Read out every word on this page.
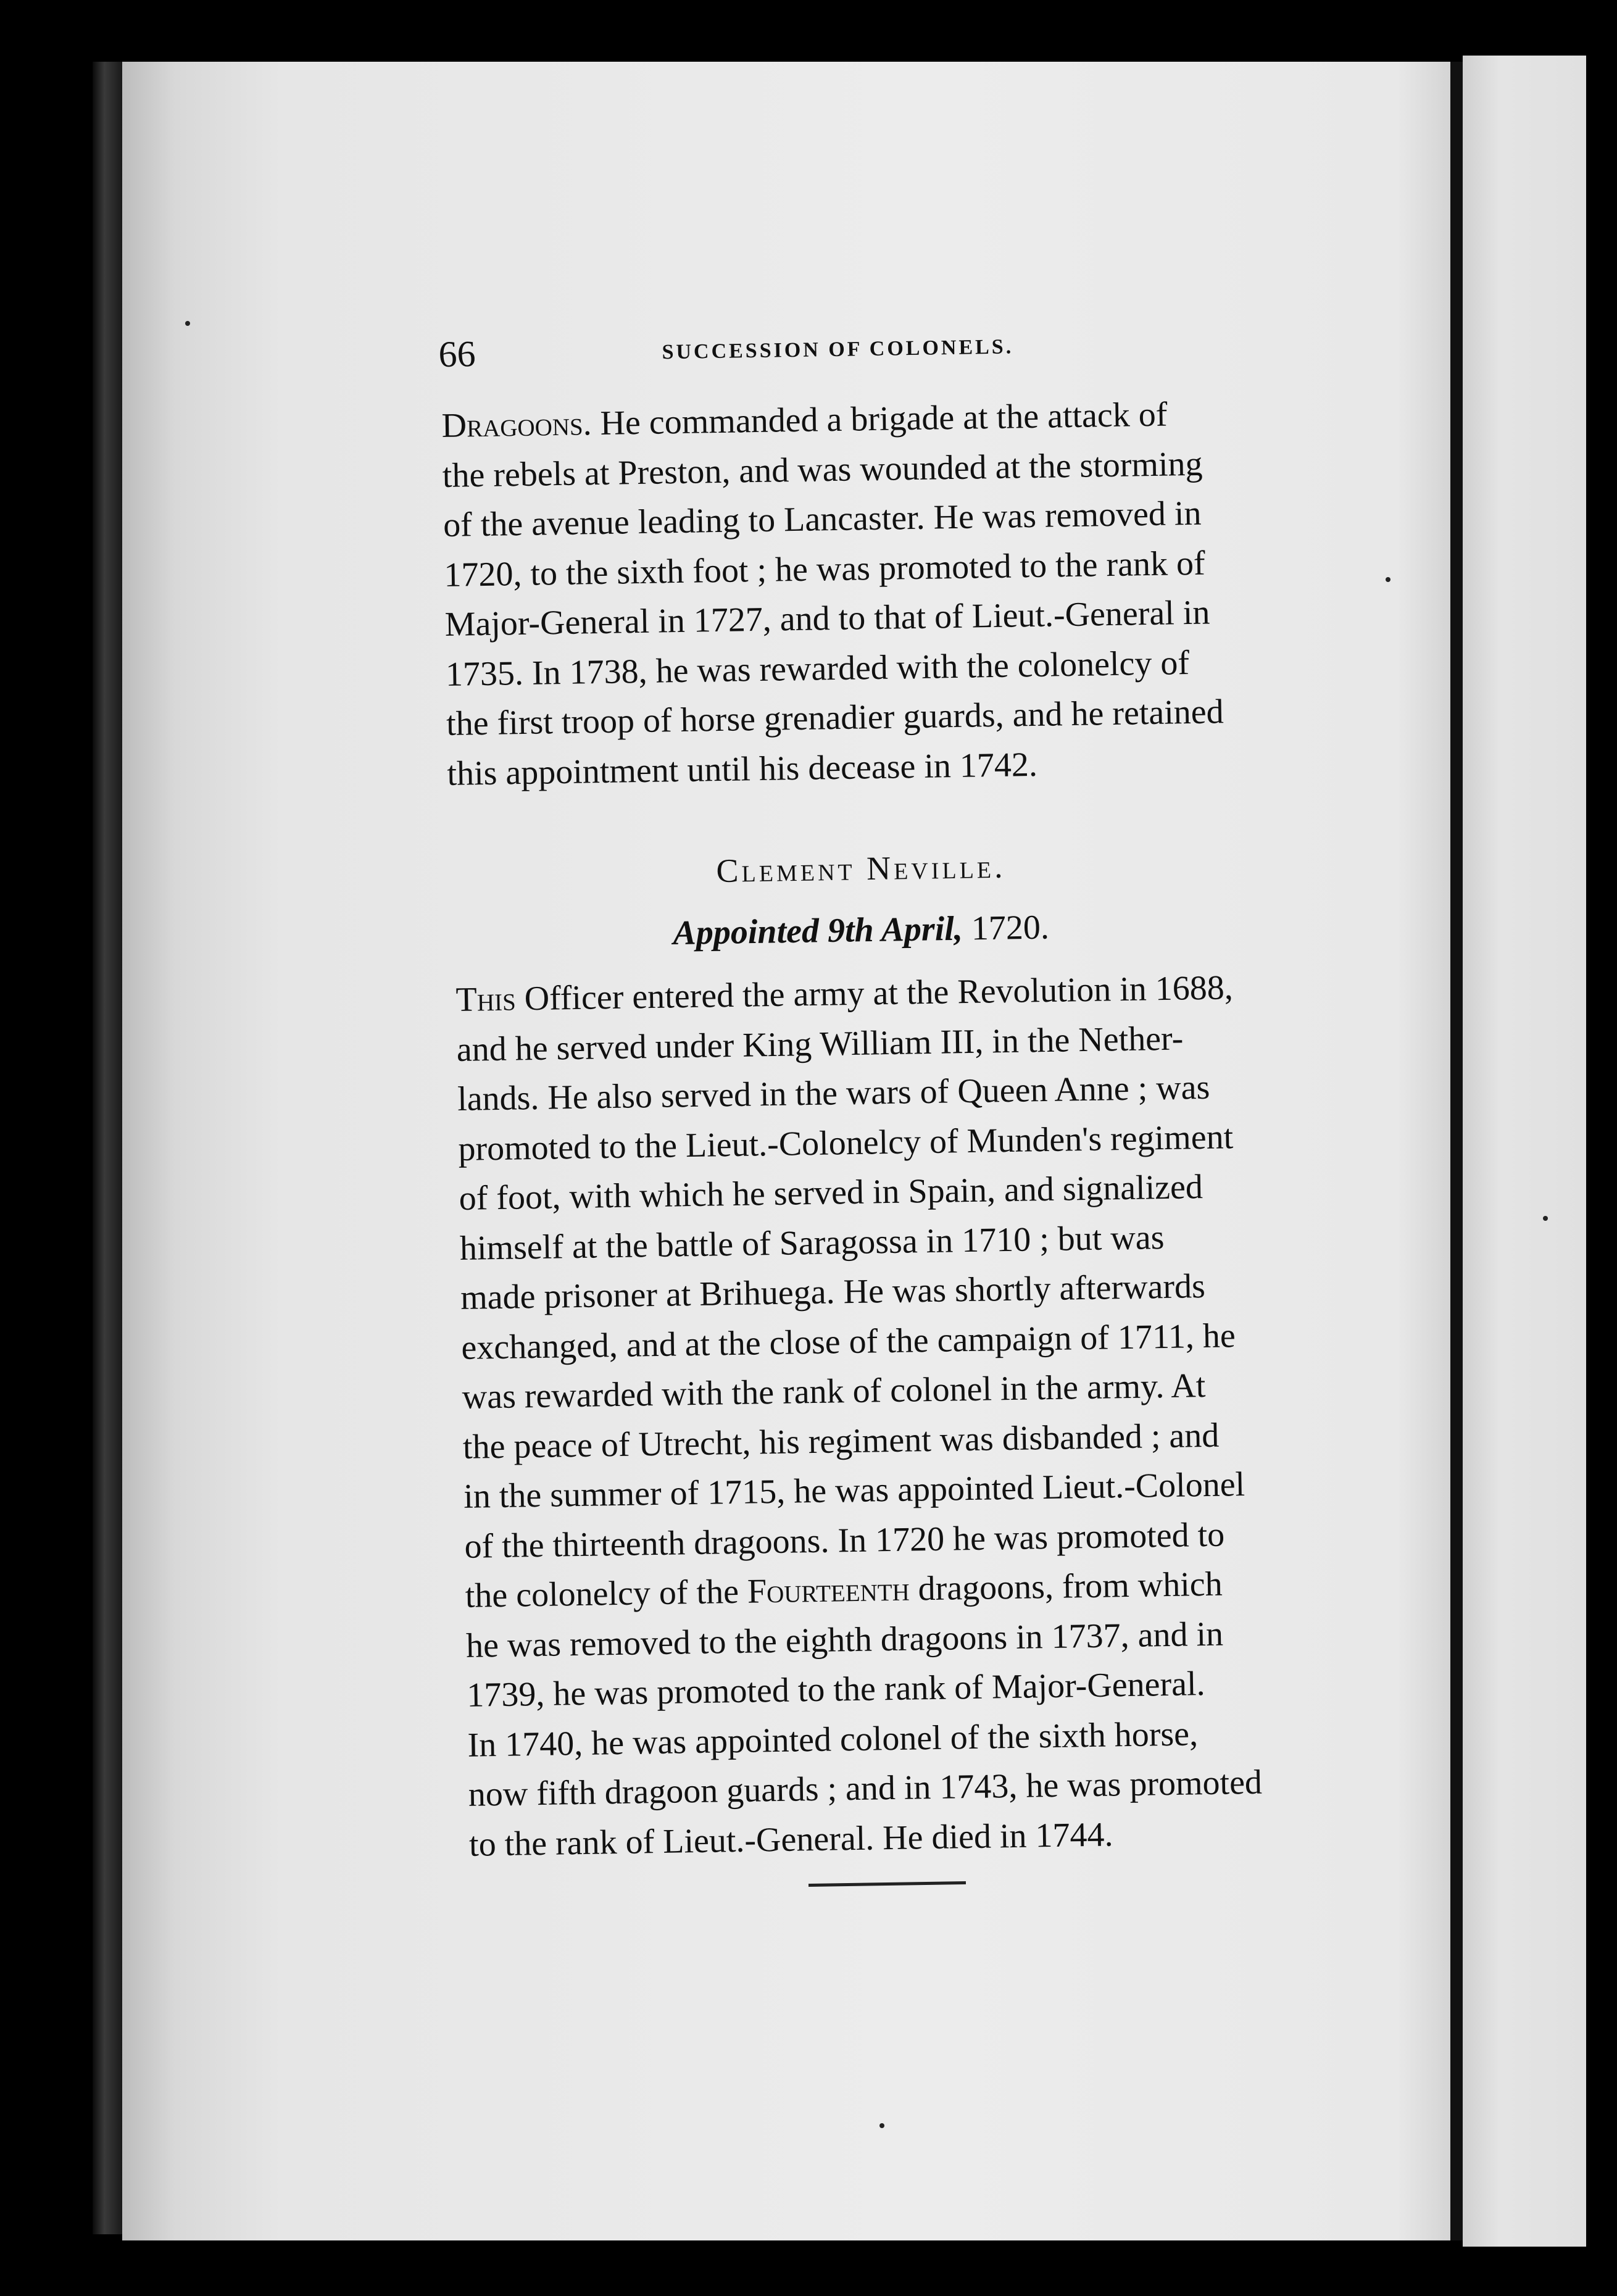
66	SUCCESSION OF COLONELS.
Dragoons. He commanded a brigade at the attack of
the rebels at Preston, and was wounded at the storming
of the avenue leading to Lancaster. He was removed in
1720, to the sixth foot ; he was promoted to the rank of
Major-General in 1727, and to that of Lieut.-General in
1735. In 1738, he was rewarded with the colonelcy of
the first troop of horse grenadier guards, and he retained
this appointment until his decease in 1742.
Clement Neville.
Appointed 9th April, 1720.
This Officer entered the army at the Revolution in 1688,
and he served under King William III, in the Nether-
lands. He also served in the wars of Queen Anne ; was
promoted to the Lieut.-Colonelcy of Munden's regiment
of foot, with which he served in Spain, and signalized
himself at the battle of Saragossa in 1710 ; but was
made prisoner at Brihuega. He was shortly afterwards
exchanged, and at the close of the campaign of 1711, he
was rewarded with the rank of colonel in the army. At
the peace of Utrecht, his regiment was disbanded ; and
in the summer of 1715, he was appointed Lieut.-Colonel
of the thirteenth dragoons. In 1720 he was promoted to
the colonelcy of the Fourteenth dragoons, from which
he was removed to the eighth dragoons in 1737, and in
1739, he was promoted to the rank of Major-General.
In 1740, he was appointed colonel of the sixth horse,
now fifth dragoon guards ; and in 1743, he was promoted
to the rank of Lieut.-General. He died in 1744.
